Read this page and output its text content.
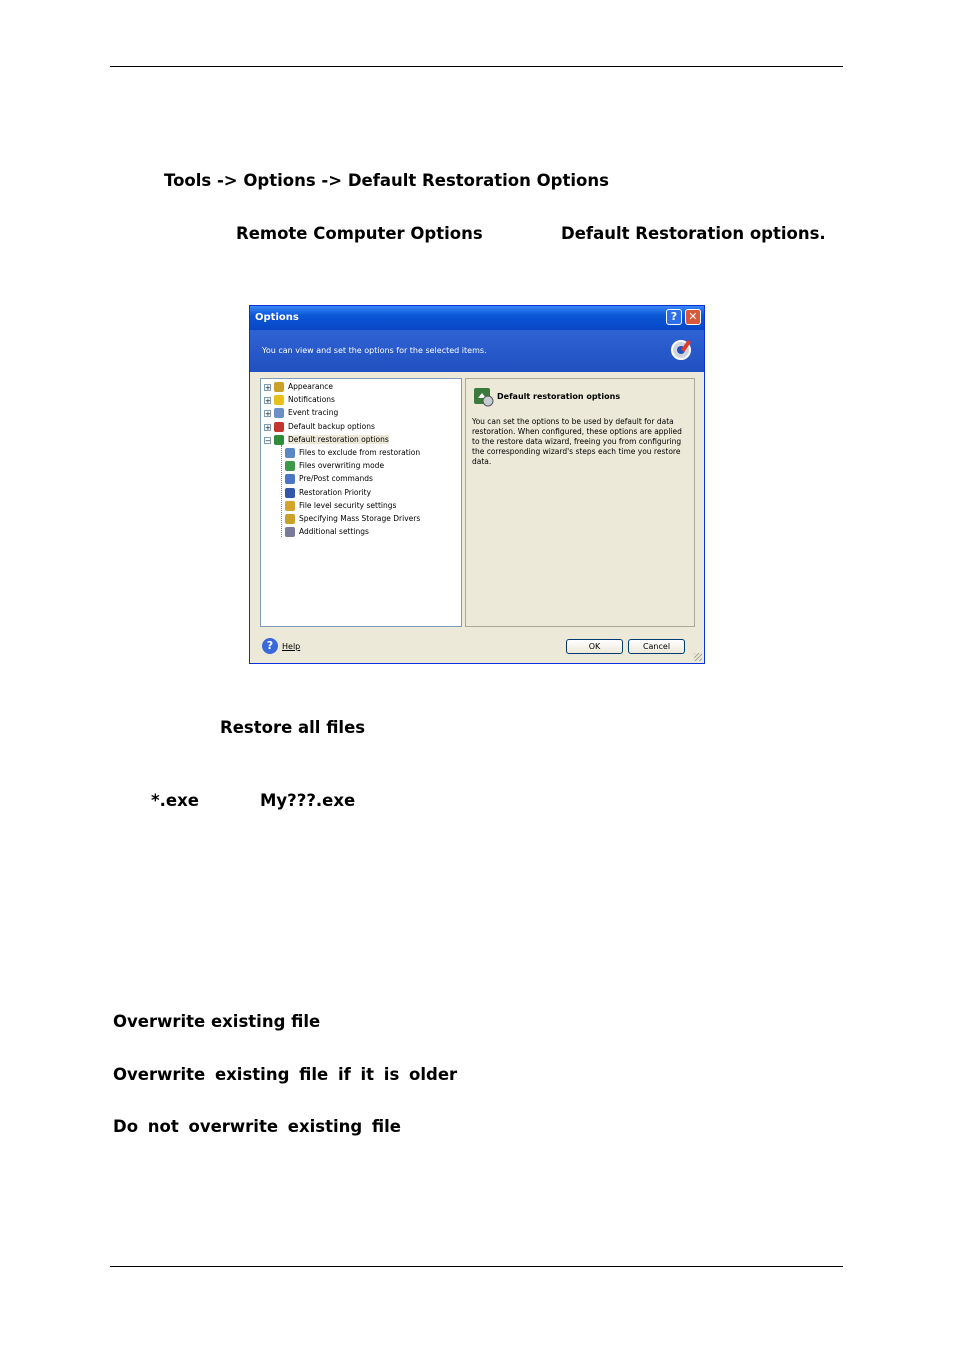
Tools -> Options -> Default Restoration Options
Remote Computer Options	Default Restoration options.
Options	?	✕
You can view and set the options for the selected items.
+ Appearance
+ Notifications
+ Event tracing
+ Default backup options
− Default restoration options
Files to exclude from restoration
Files overwriting mode
Pre/Post commands
Restoration Priority
File level security settings
Specifying Mass Storage Drivers
Additional settings
Default restoration options
You can set the options to be used by default for data restoration. When configured, these options are applied to the restore data wizard, freeing you from configuring the corresponding wizard's steps each time you restore data.
?	Help	OK	Cancel
Restore all files
*.exe	My???.exe
Overwrite existing file
Overwrite existing file if it is older
Do not overwrite existing file
